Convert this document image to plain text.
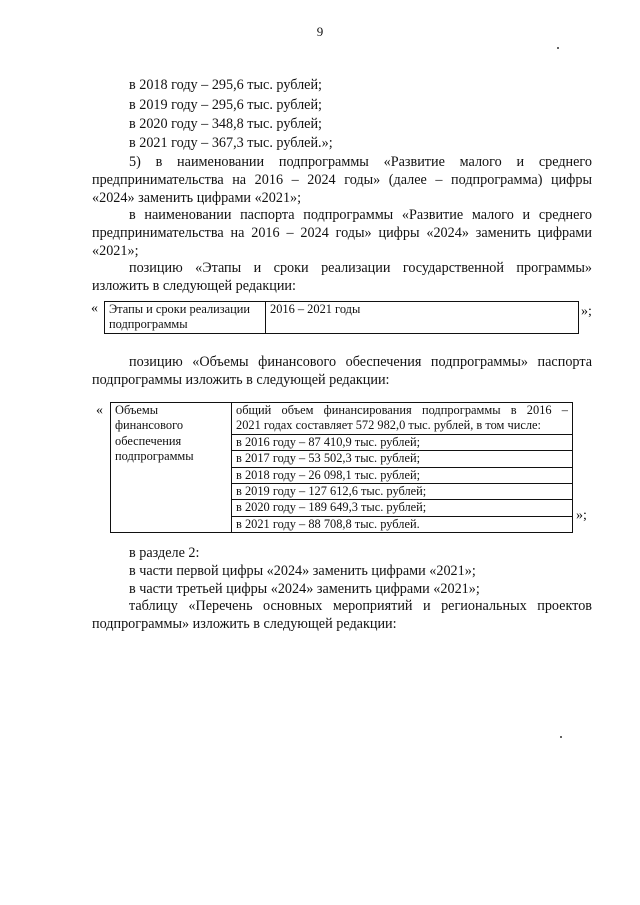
9
в 2018 году – 295,6 тыс. рублей;
в 2019 году – 295,6 тыс. рублей;
в 2020 году – 348,8 тыс. рублей;
в 2021 году – 367,3 тыс. рублей.»;
5) в наименовании подпрограммы «Развитие малого и среднего
предпринимательства на 2016 – 2024 годы» (далее – подпрограмма) цифры
«2024» заменить цифрами «2021»;
в наименовании паспорта подпрограммы «Развитие малого и среднего
предпринимательства на 2016 – 2024 годы» цифры «2024» заменить цифрами
«2021»;
позицию «Этапы и сроки реализации государственной программы»
изложить в следующей редакции:
« Этапы и сроки реализации
подпрограммы
	2016 – 2021 годы	»;
позицию «Объемы финансового обеспечения подпрограммы» паспорта
подпрограммы изложить в следующей редакции:
« Объемы
финансового
обеспечения
подпрограммы

общий объем финансирования подпрограммы в 2016 –
2021 годах составляет 572 982,0 тыс. рублей, в том числе:
в 2016 году – 87 410,9 тыс. рублей;
в 2017 году – 53 502,3 тыс. рублей;
в 2018 году – 26 098,1 тыс. рублей;
в 2019 году – 127 612,6 тыс. рублей;
в 2020 году – 189 649,3 тыс. рублей;
в 2021 году – 88 708,8 тыс. рублей.
»;
в разделе 2:
в части первой цифры «2024» заменить цифрами «2021»;
в части третьей цифры «2024» заменить цифрами «2021»;
таблицу «Перечень основных мероприятий и региональных проектов
подпрограммы» изложить в следующей редакции:
